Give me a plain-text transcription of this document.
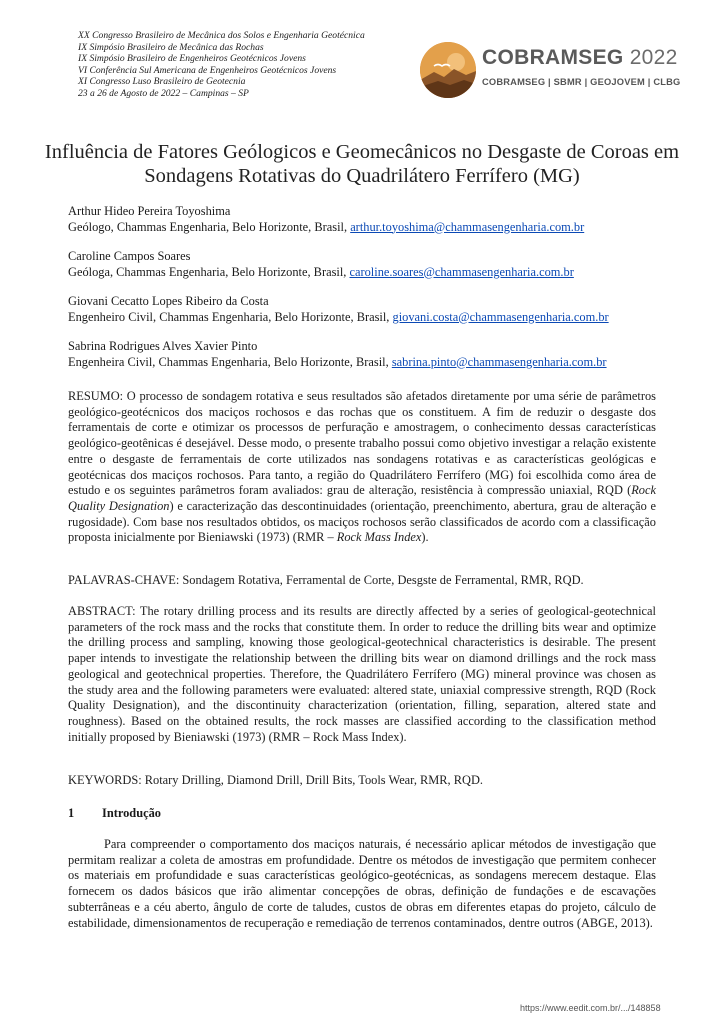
XX Congresso Brasileiro de Mecânica dos Solos e Engenharia Geotécnica
IX Simpósio Brasileiro de Mecânica das Rochas
IX Simpósio Brasileiro de Engenheiros Geotécnicos Jovens
VI Conferência Sul Americana de Engenheiros Geotécnicos Jovens
XI Congresso Luso Brasileiro de Geotecnia
23 a 26 de Agosto de 2022 – Campinas – SP
COBRAMSEG 2022
COBRAMSEG | SBMR | GEOJOVEM | CLBG
Influência de Fatores Geólogicos e Geomecânicos no Desgaste de Coroas em Sondagens Rotativas do Quadrilátero Ferrífero (MG)
Arthur Hideo Pereira Toyoshima
Geólogo, Chammas Engenharia, Belo Horizonte, Brasil, arthur.toyoshima@chammasengenharia.com.br
Caroline Campos Soares
Geóloga, Chammas Engenharia, Belo Horizonte, Brasil, caroline.soares@chammasengenharia.com.br
Giovani Cecatto Lopes Ribeiro da Costa
Engenheiro Civil, Chammas Engenharia, Belo Horizonte, Brasil, giovani.costa@chammasengenharia.com.br
Sabrina Rodrigues Alves Xavier Pinto
Engenheira Civil, Chammas Engenharia, Belo Horizonte, Brasil, sabrina.pinto@chammasengenharia.com.br
RESUMO: O processo de sondagem rotativa e seus resultados são afetados diretamente por uma série de parâmetros geológico-geotécnicos dos maciços rochosos e das rochas que os constituem. A fim de reduzir o desgaste dos ferramentais de corte e otimizar os processos de perfuração e amostragem, o conhecimento dessas características geológico-geotênicas é desejável. Desse modo, o presente trabalho possui como objetivo investigar a relação existente entre o desgaste de ferramentais de corte utilizados nas sondagens rotativas e as características geológicas e geotécnicas dos maciços rochosos. Para tanto, a região do Quadrilátero Ferrífero (MG) foi escolhida como área de estudo e os seguintes parâmetros foram avaliados: grau de alteração, resistência à compressão uniaxial, RQD (Rock Quality Designation) e caracterização das descontinuidades (orientação, preenchimento, abertura, grau de alteração e rugosidade). Com base nos resultados obtidos, os maciços rochosos serão classificados de acordo com a classificação proposta inicialmente por Bieniawski (1973) (RMR – Rock Mass Index).
PALAVRAS-CHAVE: Sondagem Rotativa, Ferramental de Corte, Desgste de Ferramental, RMR, RQD.
ABSTRACT: The rotary drilling process and its results are directly affected by a series of geological-geotechnical parameters of the rock mass and the rocks that constitute them. In order to reduce the drilling bits wear and optimize the drilling process and sampling, knowing those geological-geotechnical characteristics is desirable. The present paper intends to investigate the relationship between the drilling bits wear on diamond drillings and the rock mass geological and geotechnical properties. Therefore, the Quadrilátero Ferrífero (MG) mineral province was chosen as the study area and the following parameters were evaluated: altered state, uniaxial compressive strength, RQD (Rock Quality Designation), and the discontinuity characterization (orientation, filling, separation, altered state and roughness). Based on the obtained results, the rock masses are classified according to the classification method initially proposed by Bieniawski (1973) (RMR – Rock Mass Index).
KEYWORDS: Rotary Drilling, Diamond Drill, Drill Bits, Tools Wear, RMR, RQD.
1 Introdução
Para compreender o comportamento dos maciços naturais, é necessário aplicar métodos de investigação que permitam realizar a coleta de amostras em profundidade. Dentre os métodos de investigação que permitem conhecer os materiais em profundidade e suas características geológico-geotécnicas, as sondagens merecem destaque. Elas fornecem os dados básicos que irão alimentar concepções de obras, definição de fundações e de escavações subterrâneas e a céu aberto, ângulo de corte de taludes, custos de obras em diferentes etapas do projeto, cálculo de estabilidade, dimensionamentos de recuperação e remediação de terrenos contaminados, dentre outros (ABGE, 2013).
https://www.eedit.com.br/.../148858
